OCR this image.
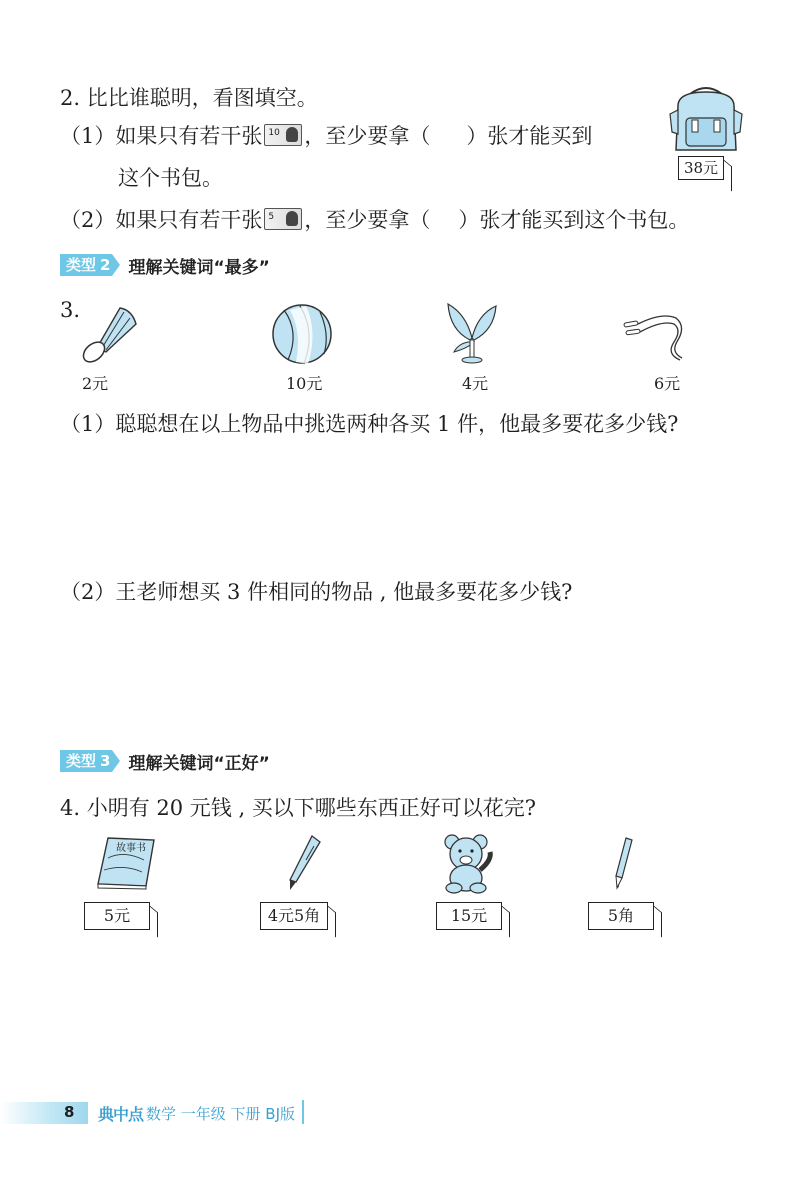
2. 比比谁聪明，看图填空。
（1）如果只有若干张 10 ，至少要拿（ ）张才能买到
这个书包。
（2）如果只有若干张 5 ，至少要拿（ ）张才能买到这个书包。
38元
类型 2 理解关键词“最多”
3.
2元	10元	4元	6元
（1）聪聪想在以上物品中挑选两种各买 1 件，他最多要花多少钱?
（2）王老师想买 3 件相同的物品 , 他最多要花多少钱?
类型 3 理解关键词“正好”
4. 小明有 20 元钱 , 买以下哪些东西正好可以花完?
故事书
5元	4元5角	15元	5角
8 典中点 数学 一年级 下册 BJ版
